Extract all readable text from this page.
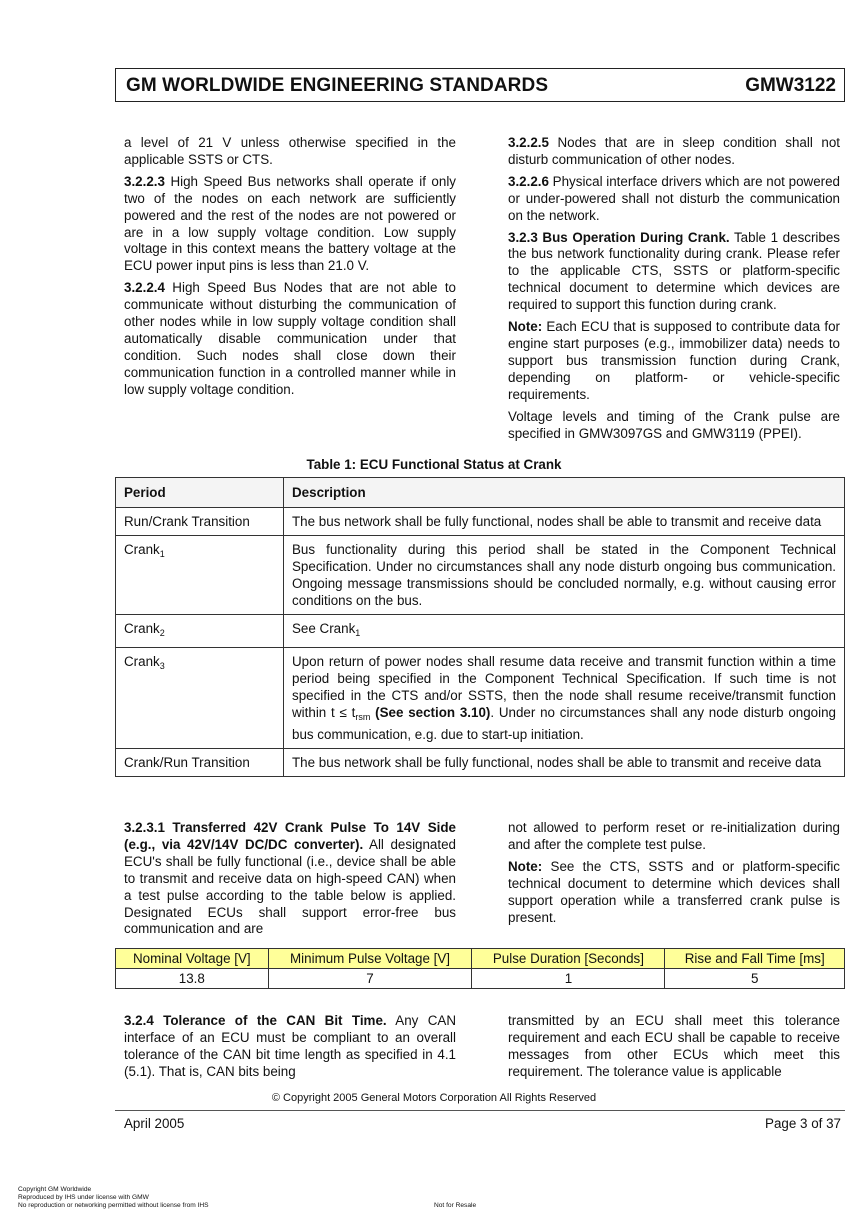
GM WORLDWIDE ENGINEERING STANDARDS	GMW3122

a level of 21 V unless otherwise specified in the applicable SSTS or CTS.

3.2.2.3 High Speed Bus networks shall operate if only two of the nodes on each network are sufficiently powered and the rest of the nodes are not powered or are in a low supply voltage condition. Low supply voltage in this context means the battery voltage at the ECU power input pins is less than 21.0 V.

3.2.2.4 High Speed Bus Nodes that are not able to communicate without disturbing the communication of other nodes while in low supply voltage condition shall automatically disable communication under that condition. Such nodes shall close down their communication function in a controlled manner while in low supply voltage condition.

3.2.2.5 Nodes that are in sleep condition shall not disturb communication of other nodes.

3.2.2.6 Physical interface drivers which are not powered or under-powered shall not disturb the communication on the network.

3.2.3 Bus Operation During Crank. Table 1 describes the bus network functionality during crank. Please refer to the applicable CTS, SSTS or platform-specific technical document to determine which devices are required to support this function during crank.

Note: Each ECU that is supposed to contribute data for engine start purposes (e.g., immobilizer data) needs to support bus transmission function during Crank, depending on platform- or vehicle-specific requirements.

Voltage levels and timing of the Crank pulse are specified in GMW3097GS and GMW3119 (PPEI).

Table 1: ECU Functional Status at Crank
Period	Description
Run/Crank Transition	The bus network shall be fully functional, nodes shall be able to transmit and receive data
Crank$_1$	Bus functionality during this period shall be stated in the Component Technical Specification. Under no circumstances shall any node disturb ongoing bus communication. Ongoing message transmissions should be concluded normally, e.g. without causing error conditions on the bus.
Crank$_2$	See Crank$_1$
Crank$_3$	Upon return of power nodes shall resume data receive and transmit function within a time period being specified in the Component Technical Specification. If such time is not specified in the CTS and/or SSTS, then the node shall resume receive/transmit function within $t \le t_{rsm}$ (See section 3.10). Under no circumstances shall any node disturb ongoing bus communication, e.g. due to start-up initiation.
Crank/Run Transition	The bus network shall be fully functional, nodes shall be able to transmit and receive data

3.2.3.1 Transferred 42V Crank Pulse To 14V Side (e.g., via 42V/14V DC/DC converter). All designated ECU's shall be fully functional (i.e., device shall be able to transmit and receive data on high-speed CAN) when a test pulse according to the table below is applied. Designated ECUs shall support error-free bus communication and are

not allowed to perform reset or re-initialization during and after the complete test pulse.

Note: See the CTS, SSTS and or platform-specific technical document to determine which devices shall support operation while a transferred crank pulse is present.

Nominal Voltage [V]	Minimum Pulse Voltage [V]	Pulse Duration [Seconds]	Rise and Fall Time [ms]
13.8	7	1	5

3.2.4 Tolerance of the CAN Bit Time. Any CAN interface of an ECU must be compliant to an overall tolerance of the CAN bit time length as specified in 4.1 (5.1). That is, CAN bits being

transmitted by an ECU shall meet this tolerance requirement and each ECU shall be capable to receive messages from other ECUs which meet this requirement. The tolerance value is applicable

© Copyright 2005 General Motors Corporation All Rights Reserved
April 2005	Page 3 of 37
Copyright GM Worldwide
Reproduced by IHS under license with GMW
No reproduction or networking permitted without license from IHS	Not for Resale
